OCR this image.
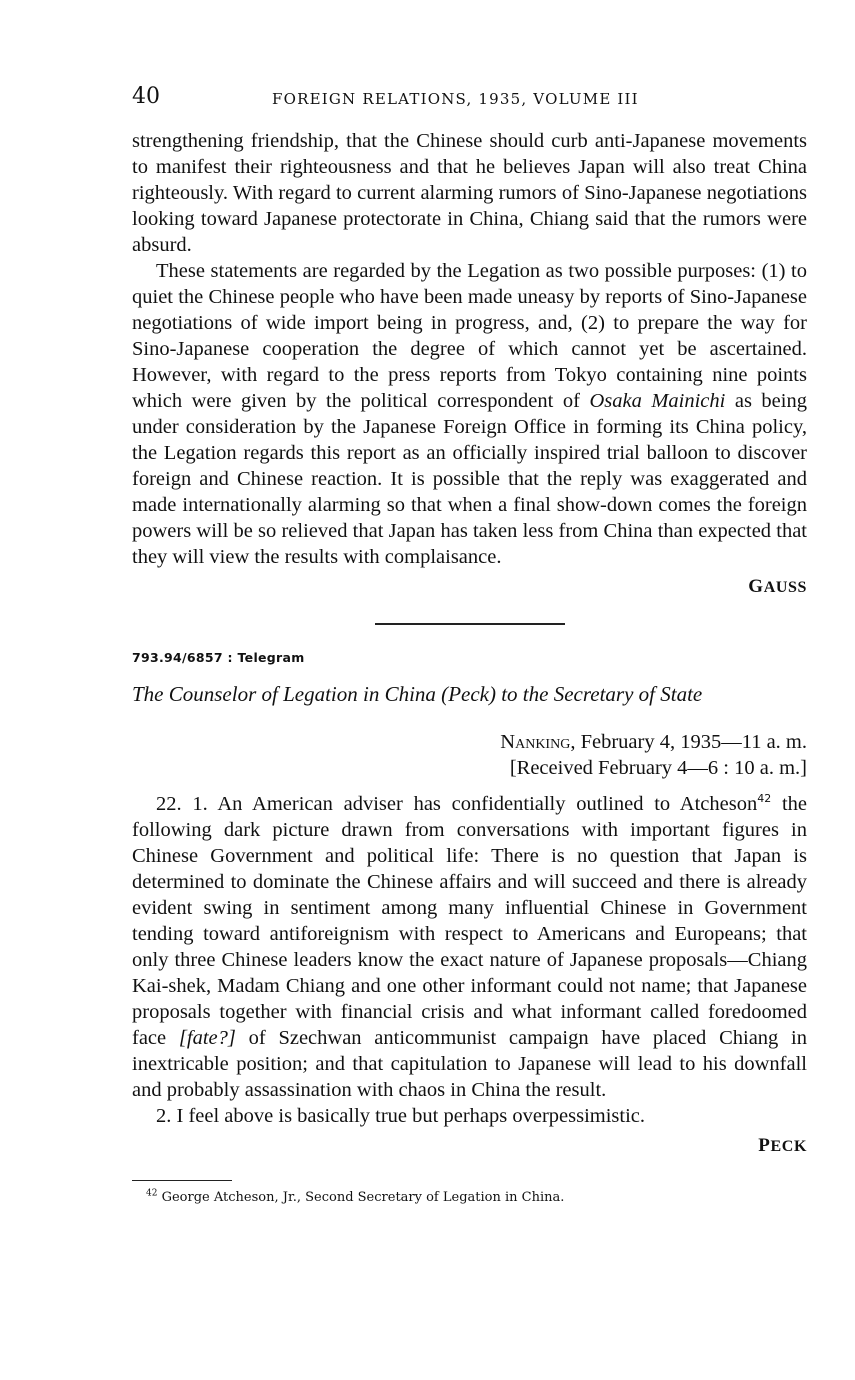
40	FOREIGN RELATIONS, 1935, VOLUME III

strengthening friendship, that the Chinese should curb anti-Japanese movements to manifest their righteousness and that he believes Japan will also treat China righteously. With regard to current alarming rumors of Sino-Japanese negotiations looking toward Japanese protectorate in China, Chiang said that the rumors were absurd.

These statements are regarded by the Legation as two possible purposes: (1) to quiet the Chinese people who have been made uneasy by reports of Sino-Japanese negotiations of wide import being in progress, and, (2) to prepare the way for Sino-Japanese cooperation the degree of which cannot yet be ascertained. However, with regard to the press reports from Tokyo containing nine points which were given by the political correspondent of Osaka Mainichi as being under consideration by the Japanese Foreign Office in forming its China policy, the Legation regards this report as an officially inspired trial balloon to discover foreign and Chinese reaction. It is possible that the reply was exaggerated and made internationally alarming so that when a final show-down comes the foreign powers will be so relieved that Japan has taken less from China than expected that they will view the results with complaisance.

GAUSS
793.94/6857 : Telegram
The Counselor of Legation in China (Peck) to the Secretary of State
Nanking, February 4, 1935—11 a. m.
[Received February 4—6 : 10 a. m.]

22. 1. An American adviser has confidentially outlined to Atcheson$^{42}$ the following dark picture drawn from conversations with important figures in Chinese Government and political life: There is no question that Japan is determined to dominate the Chinese affairs and will succeed and there is already evident swing in sentiment among many influential Chinese in Government tending toward antiforeignism with respect to Americans and Europeans; that only three Chinese leaders know the exact nature of Japanese proposals—Chiang Kai-shek, Madam Chiang and one other informant could not name; that Japanese proposals together with financial crisis and what informant called foredoomed face [fate?] of Szechwan anticommunist campaign have placed Chiang in inextricable position; and that capitulation to Japanese will lead to his downfall and probably assassination with chaos in China the result.

2. I feel above is basically true but perhaps overpessimistic.

PECK
$^{42}$ George Atcheson, Jr., Second Secretary of Legation in China.
